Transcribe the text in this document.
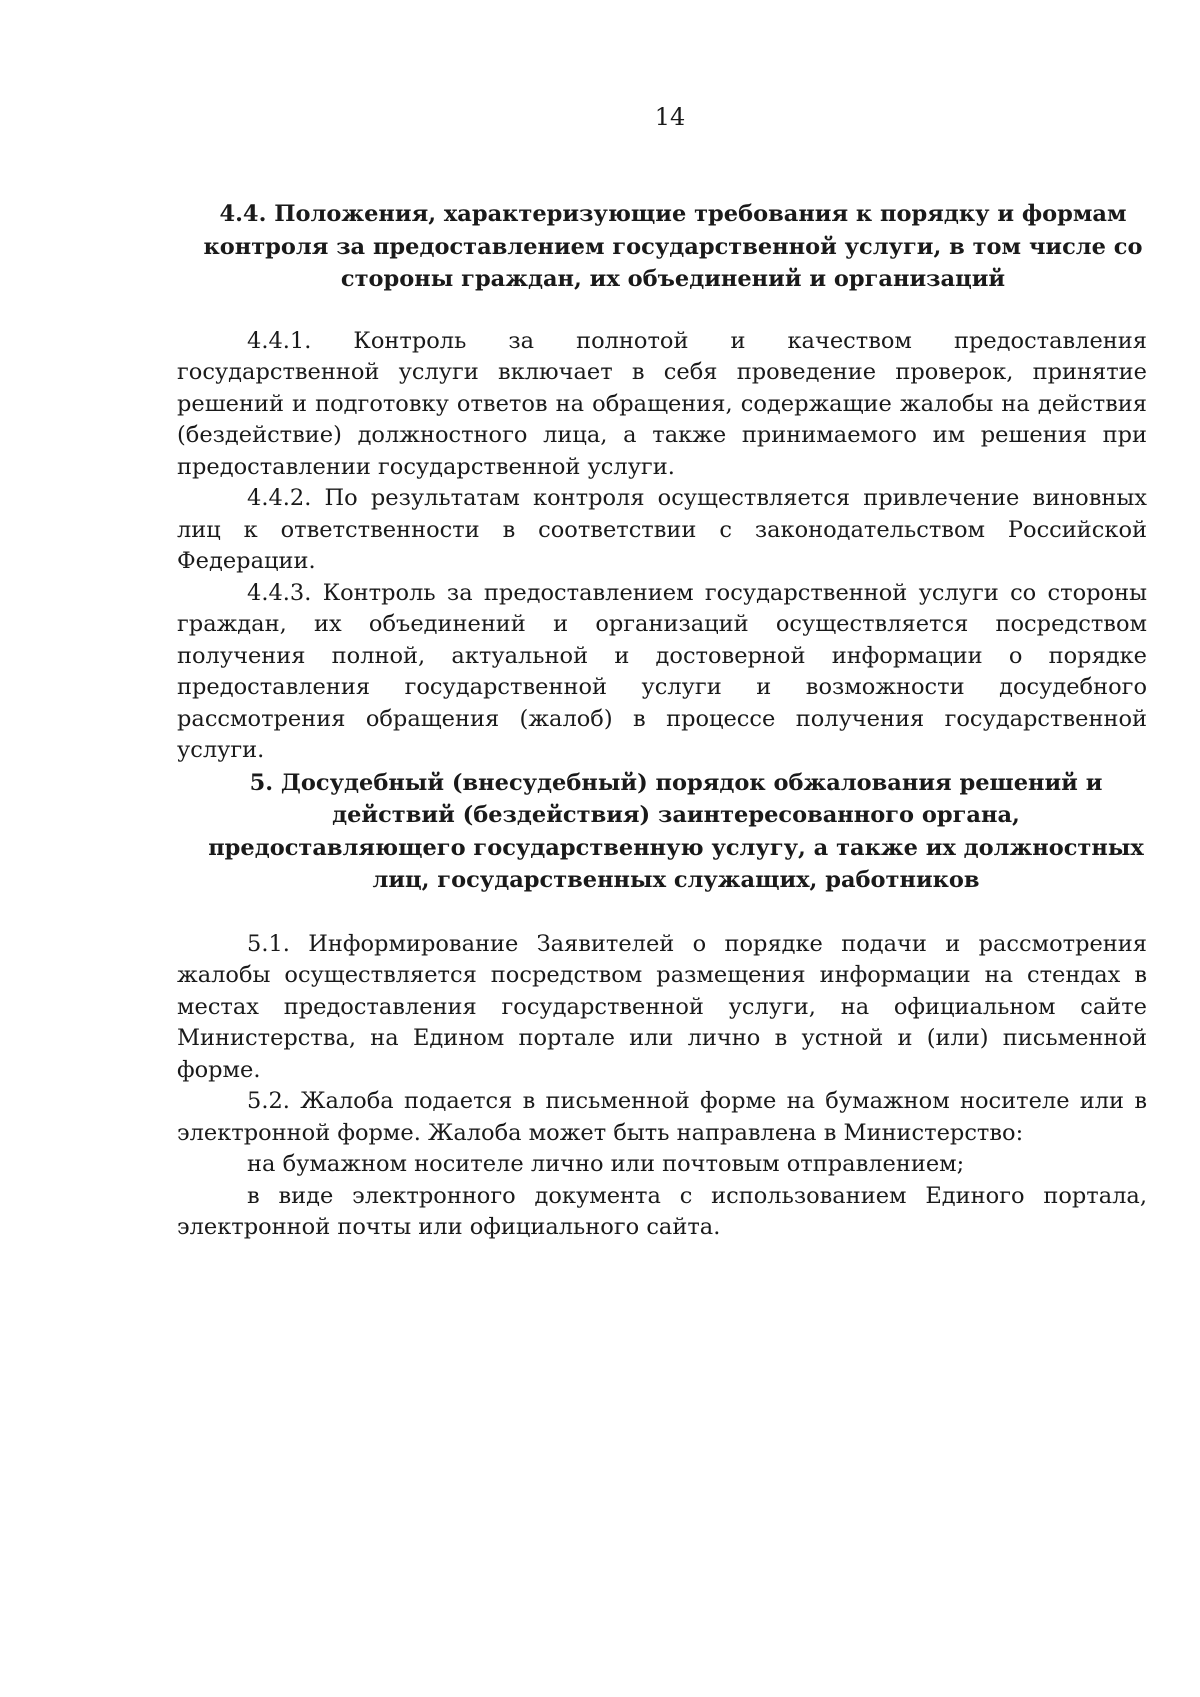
14
4.4. Положения, характеризующие требования к порядку и формам контроля за предоставлением государственной услуги, в том числе со стороны граждан, их объединений и организаций

4.4.1. Контроль за полнотой и качеством предоставления государственной услуги включает в себя проведение проверок, принятие решений и подготовку ответов на обращения, содержащие жалобы на действия (бездействие) должностного лица, а также принимаемого им решения при предоставлении государственной услуги.

4.4.2. По результатам контроля осуществляется привлечение виновных лиц к ответственности в соответствии с законодательством Российской Федерации.

4.4.3. Контроль за предоставлением государственной услуги со стороны граждан, их объединений и организаций осуществляется посредством получения полной, актуальной и достоверной информации о порядке предоставления государственной услуги и возможности досудебного рассмотрения обращения (жалоб) в процессе получения государственной услуги.

5. Досудебный (внесудебный) порядок обжалования решений и действий (бездействия) заинтересованного органа, предоставляющего государственную услугу, а также их должностных лиц, государственных служащих, работников

5.1. Информирование Заявителей о порядке подачи и рассмотрения жалобы осуществляется посредством размещения информации на стендах в местах предоставления государственной услуги, на официальном сайте Министерства, на Едином портале или лично в устной и (или) письменной форме.

5.2. Жалоба подается в письменной форме на бумажном носителе или в электронной форме. Жалоба может быть направлена в Министерство:

на бумажном носителе лично или почтовым отправлением;

в виде электронного документа с использованием Единого портала, электронной почты или официального сайта.
